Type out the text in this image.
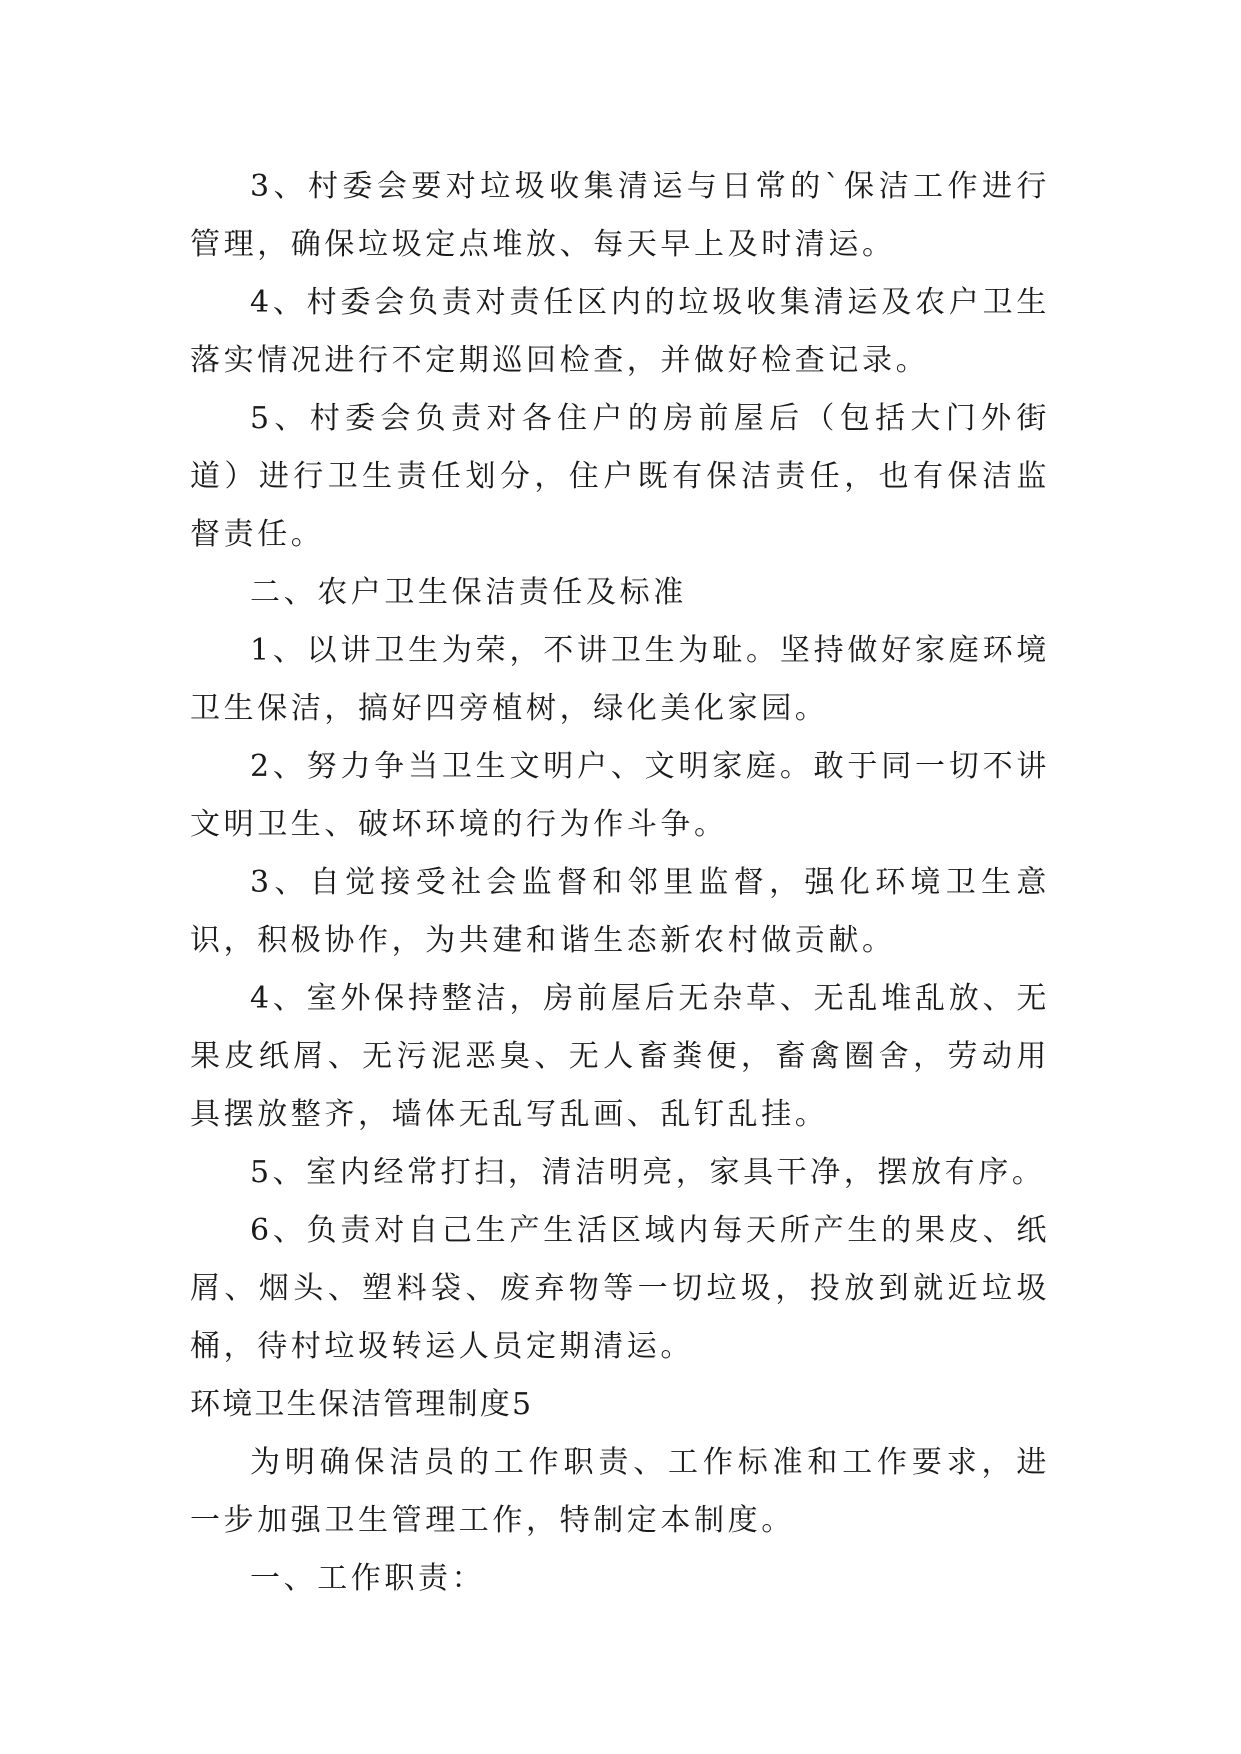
3、村委会要对垃圾收集清运与日常的`保洁工作进行管理，确保垃圾定点堆放、每天早上及时清运。

4、村委会负责对责任区内的垃圾收集清运及农户卫生落实情况进行不定期巡回检查，并做好检查记录。

5、村委会负责对各住户的房前屋后（包括大门外街道）进行卫生责任划分，住户既有保洁责任，也有保洁监督责任。

二、农户卫生保洁责任及标准

1、以讲卫生为荣，不讲卫生为耻。坚持做好家庭环境卫生保洁，搞好四旁植树，绿化美化家园。

2、努力争当卫生文明户、文明家庭。敢于同一切不讲文明卫生、破坏环境的行为作斗争。

3、自觉接受社会监督和邻里监督，强化环境卫生意识，积极协作，为共建和谐生态新农村做贡献。

4、室外保持整洁，房前屋后无杂草、无乱堆乱放、无果皮纸屑、无污泥恶臭、无人畜粪便，畜禽圈舍，劳动用具摆放整齐，墙体无乱写乱画、乱钉乱挂。

5、室内经常打扫，清洁明亮，家具干净，摆放有序。

6、负责对自己生产生活区域内每天所产生的果皮、纸屑、烟头、塑料袋、废弃物等一切垃圾，投放到就近垃圾桶，待村垃圾转运人员定期清运。

环境卫生保洁管理制度5

为明确保洁员的工作职责、工作标准和工作要求，进一步加强卫生管理工作，特制定本制度。

一、工作职责：
